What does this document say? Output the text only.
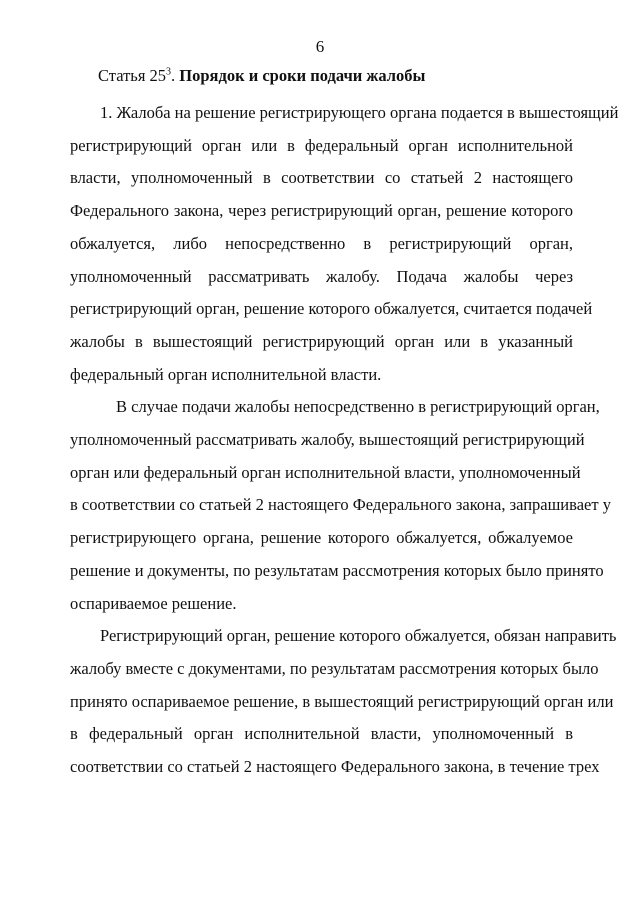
6
Статья $25^3$. Порядок и сроки подачи жалобы
1. Жалоба на решение регистрирующего органа подается в вышестоящий
регистрирующий орган или в федеральный орган исполнительной
власти, уполномоченный в соответствии со статьей 2 настоящего
Федерального закона, через регистрирующий орган, решение которого
обжалуется, либо непосредственно в регистрирующий орган,
уполномоченный рассматривать жалобу. Подача жалобы через
регистрирующий орган, решение которого обжалуется, считается подачей
жалобы в вышестоящий регистрирующий орган или в указанный
федеральный орган исполнительной власти.
В случае подачи жалобы непосредственно в регистрирующий орган,
уполномоченный рассматривать жалобу, вышестоящий регистрирующий
орган или федеральный орган исполнительной власти, уполномоченный
в соответствии со статьей 2 настоящего Федерального закона, запрашивает у
регистрирующего органа, решение которого обжалуется, обжалуемое
решение и документы, по результатам рассмотрения которых было принято
оспариваемое решение.
Регистрирующий орган, решение которого обжалуется, обязан направить
жалобу вместе с документами, по результатам рассмотрения которых было
принято оспариваемое решение, в вышестоящий регистрирующий орган или
в федеральный орган исполнительной власти, уполномоченный в
соответствии со статьей 2 настоящего Федерального закона, в течение трех
